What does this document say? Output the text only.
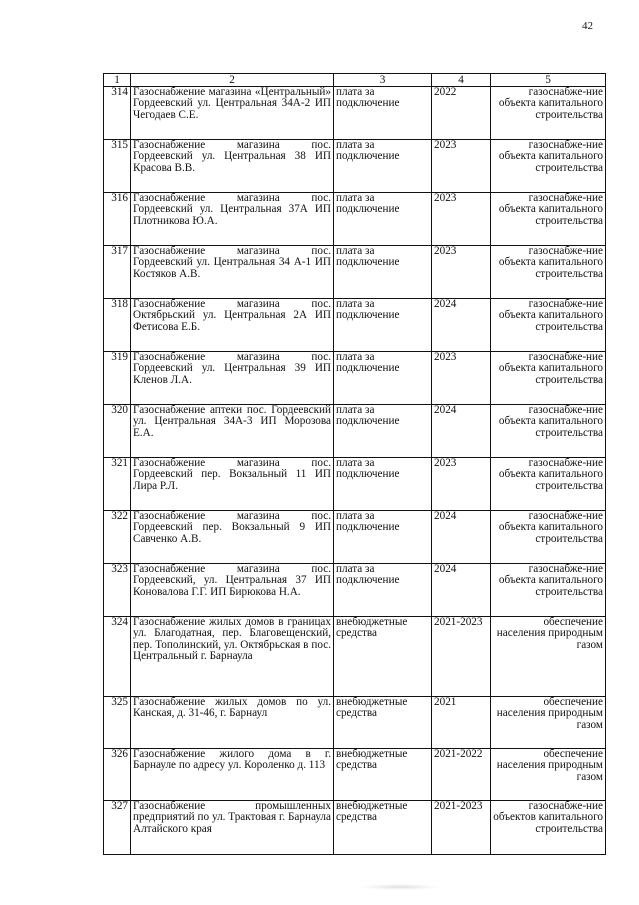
42
1	2	3	4	5
314	Газоснабжение магазина «Центральный» Гордеевский ул. Центральная 34А-2 ИП Чегодаев С.Е.	плата за подключение	2022	газоснабже-ние объекта капитального строительства
315	Газоснабжение магазина пос. Гордеевский ул. Центральная 38 ИП Красова В.В.	плата за подключение	2023	газоснабже-ние объекта капитального строительства
316	Газоснабжение магазина пос. Гордеевский ул. Центральная 37А ИП Плотникова Ю.А.	плата за подключение	2023	газоснабже-ние объекта капитального строительства
317	Газоснабжение магазина пос. Гордеевский ул. Центральная 34 А-1 ИП Костяков А.В.	плата за подключение	2023	газоснабже-ние объекта капитального строительства
318	Газоснабжение магазина пос. Октябрьский ул. Центральная 2А ИП Фетисова Е.Б.	плата за подключение	2024	газоснабже-ние объекта капитального строительства
319	Газоснабжение магазина пос. Гордеевский ул. Центральная 39 ИП Кленов Л.А.	плата за подключение	2023	газоснабже-ние объекта капитального строительства
320	Газоснабжение аптеки пос. Гордеевский ул. Центральная 34А-3 ИП Морозова Е.А.	плата за подключение	2024	газоснабже-ние объекта капитального строительства
321	Газоснабжение магазина пос. Гордеевский пер. Вокзальный 11 ИП Лира Р.Л.	плата за подключение	2023	газоснабже-ние объекта капитального строительства
322	Газоснабжение магазина пос. Гордеевский пер. Вокзальный 9 ИП Савченко А.В.	плата за подключение	2024	газоснабже-ние объекта капитального строительства
323	Газоснабжение магазина пос. Гордеевский, ул. Центральная 37 ИП Коновалова Г.Г. ИП Бирюкова Н.А.	плата за подключение	2024	газоснабже-ние объекта капитального строительства
324	Газоснабжение жилых домов в границах ул. Благодатная, пер. Благовещенский, пер. Тополинский, ул. Октябрьская в пос. Центральный г. Барнаула	внебюджетные средства	2021-2023	обеспечение населения природным газом
325	Газоснабжение жилых домов по ул. Канская, д. 31-46, г. Барнаул	внебюджетные средства	2021	обеспечение населения природным газом
326	Газоснабжение жилого дома в г. Барнауле по адресу ул. Короленко д. 113	внебюджетные средства	2021-2022	обеспечение населения природным газом
327	Газоснабжение промышленных предприятий по ул. Трактовая г. Барнаула Алтайского края	внебюджетные средства	2021-2023	газоснабже-ние объектов капитального строительства
